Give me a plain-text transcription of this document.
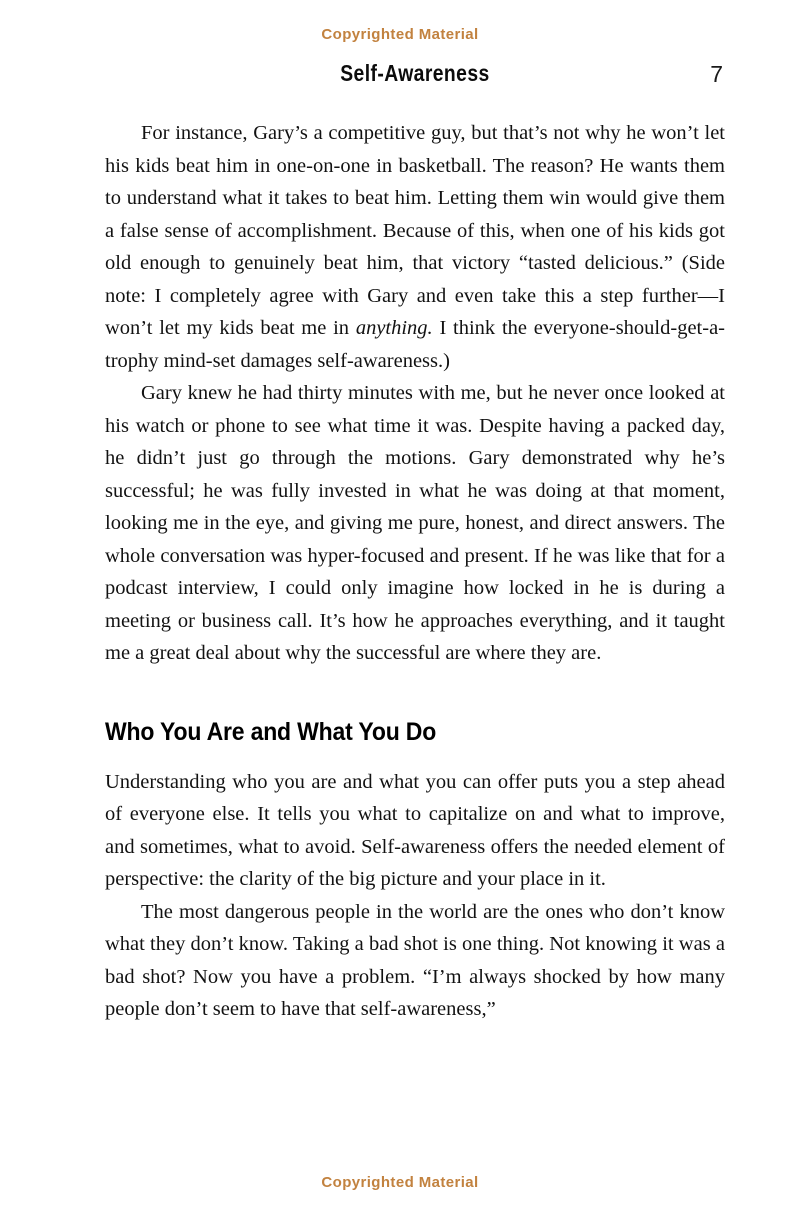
Copyrighted Material
Self-Awareness	7

For instance, Gary’s a competitive guy, but that’s not why he won’t let his kids beat him in one-on-one in basketball. The reason? He wants them to understand what it takes to beat him. Letting them win would give them a false sense of accomplishment. Because of this, when one of his kids got old enough to genuinely beat him, that victory “tasted delicious.” (Side note: I completely agree with Gary and even take this a step further—I won’t let my kids beat me in anything. I think the everyone-should-get-a-trophy mind-set damages self-awareness.)

Gary knew he had thirty minutes with me, but he never once looked at his watch or phone to see what time it was. Despite having a packed day, he didn’t just go through the motions. Gary demonstrated why he’s successful; he was fully invested in what he was doing at that moment, looking me in the eye, and giving me pure, honest, and direct answers. The whole conversation was hyper-focused and present. If he was like that for a podcast interview, I could only imagine how locked in he is during a meeting or business call. It’s how he approaches everything, and it taught me a great deal about why the successful are where they are.

Who You Are and What You Do

Understanding who you are and what you can offer puts you a step ahead of everyone else. It tells you what to capitalize on and what to improve, and sometimes, what to avoid. Self-awareness offers the needed element of perspective: the clarity of the big picture and your place in it.

The most dangerous people in the world are the ones who don’t know what they don’t know. Taking a bad shot is one thing. Not knowing it was a bad shot? Now you have a problem. “I’m always shocked by how many people don’t seem to have that self-awareness,”

Copyrighted Material
